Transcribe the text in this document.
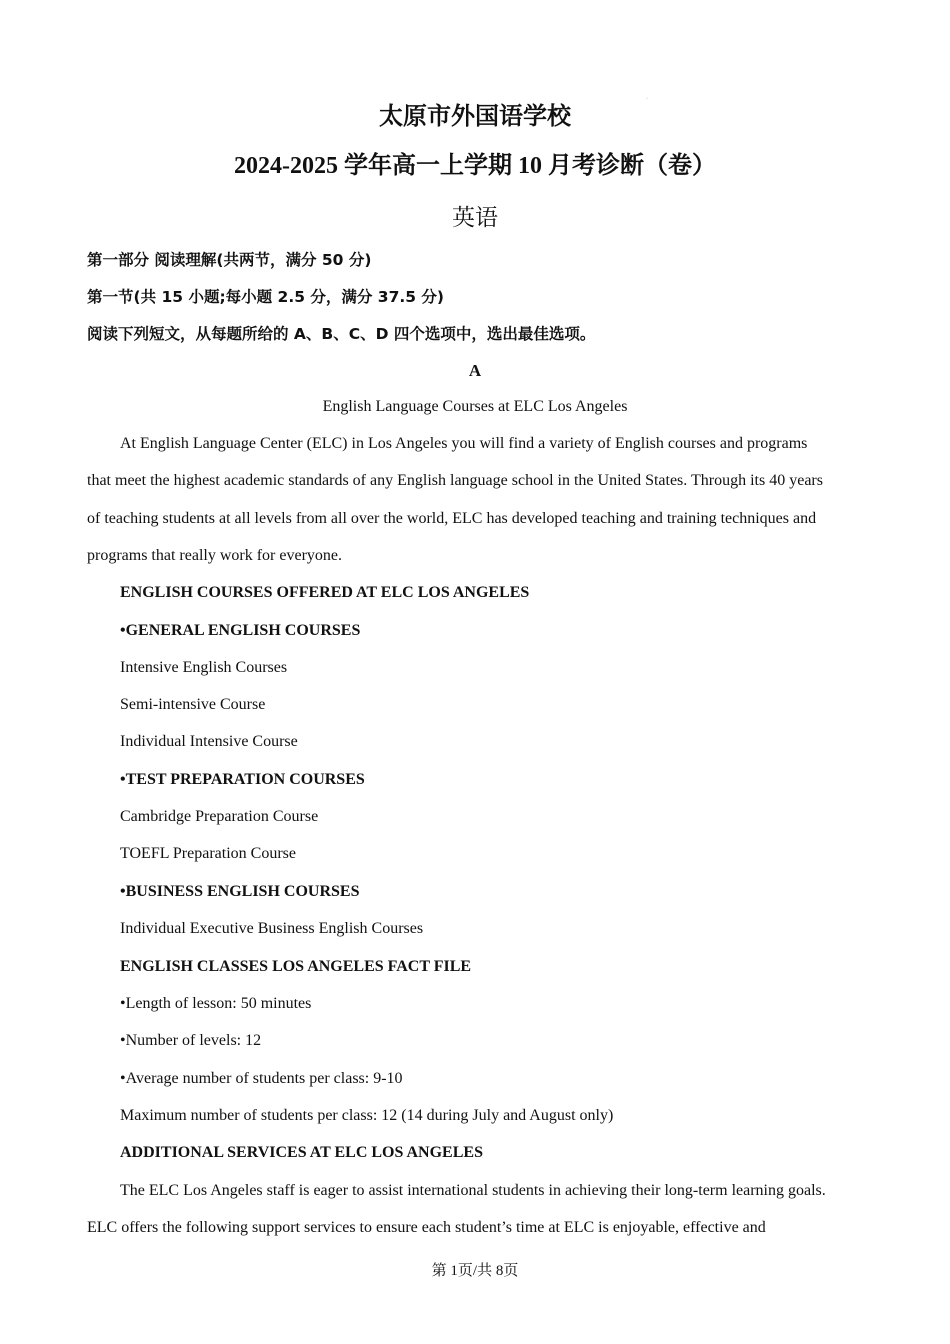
·
太原市外国语学校
2024-2025 学年高一上学期 10 月考诊断（卷）
英语
第一部分 阅读理解(共两节，满分 50 分)
第一节(共 15 小题;每小题 2.5 分，满分 37.5 分)
阅读下列短文，从每题所给的 A、B、C、D 四个选项中，选出最佳选项。
A
English Language Courses at ELC Los Angeles
At English Language Center (ELC) in Los Angeles you will find a variety of English courses and programs
that meet the highest academic standards of any English language school in the United States. Through its 40 years
of teaching students at all levels from all over the world, ELC has developed teaching and training techniques and
programs that really work for everyone.
ENGLISH COURSES OFFERED AT ELC LOS ANGELES
•GENERAL ENGLISH COURSES
Intensive English Courses
Semi-intensive Course
Individual Intensive Course
•TEST PREPARATION COURSES
Cambridge Preparation Course
TOEFL Preparation Course
•BUSINESS ENGLISH COURSES
Individual Executive Business English Courses
ENGLISH CLASSES LOS ANGELES FACT FILE
•Length of lesson: 50 minutes
•Number of levels: 12
•Average number of students per class: 9-10
Maximum number of students per class: 12 (14 during July and August only)
ADDITIONAL SERVICES AT ELC LOS ANGELES
The ELC Los Angeles staff is eager to assist international students in achieving their long-term learning goals.
ELC offers the following support services to ensure each student’s time at ELC is enjoyable, effective and
第 1页/共 8页
